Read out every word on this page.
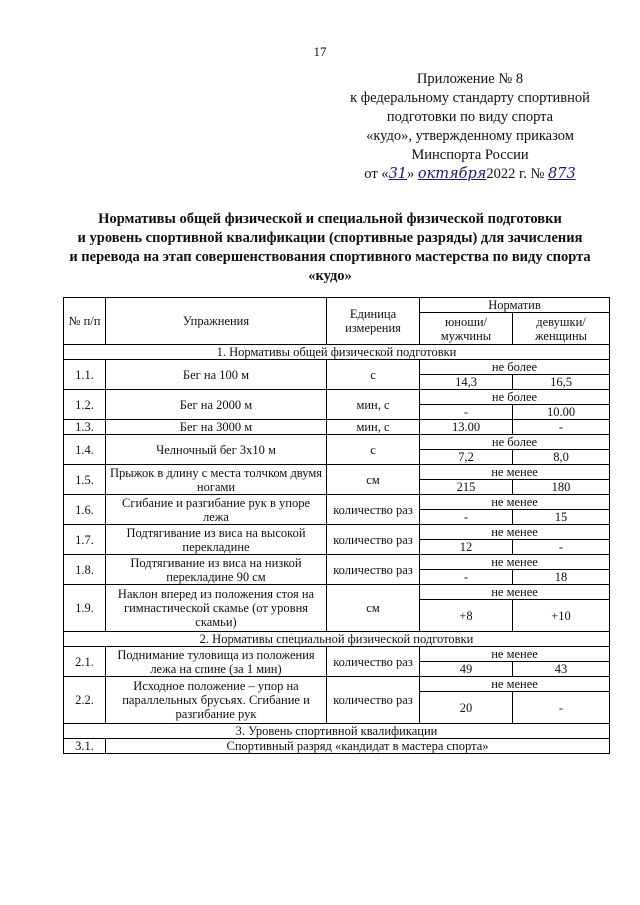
17
Приложение № 8
к федеральному стандарту спортивной
подготовки по виду спорта
«кудо», утвержденному приказом
Минспорта России
от «31» октября2022 г. № 873
Нормативы общей физической и специальной физической подготовки
и уровень спортивной квалификации (спортивные разряды) для зачисления
и перевода на этап совершенствования спортивного мастерства по виду спорта
«кудо»
№ п/п	Упражнения	Единица измерения	Норматив	
			юноши/ мужчины	девушки/ женщины
1. Нормативы общей физической подготовки				
1.1.	Бег на 100 м	с	не более	
			14,3	16,5
1.2.	Бег на 2000 м	мин, с	не более	
			-	10.00
1.3.	Бег на 3000 м	мин, с	13.00	-
1.4.	Челночный бег 3х10 м	с	не более	
			7,2	8,0
1.5.	Прыжок в длину с места толчком двумя ногами	см	не менее	
			215	180
1.6.	Сгибание и разгибание рук в упоре лежа	количество раз	не менее	
			-	15
1.7.	Подтягивание из виса на высокой перекладине	количество раз	не менее	
			12	-
1.8.	Подтягивание из виса на низкой перекладине 90 см	количество раз	не менее	
			-	18
1.9.	Наклон вперед из положения стоя на гимнастической скамье (от уровня скамьи)	см	не менее	
			+8	+10
2. Нормативы специальной физической подготовки				
2.1.	Поднимание туловища из положения лежа на спине (за 1 мин)	количество раз	не менее	
			49	43
2.2.	Исходное положение – упор на параллельных брусьях. Сгибание и разгибание рук	количество раз	не менее	
			20	-
3. Уровень спортивной квалификации				
3.1.	Спортивный разряд «кандидат в мастера спорта»			
